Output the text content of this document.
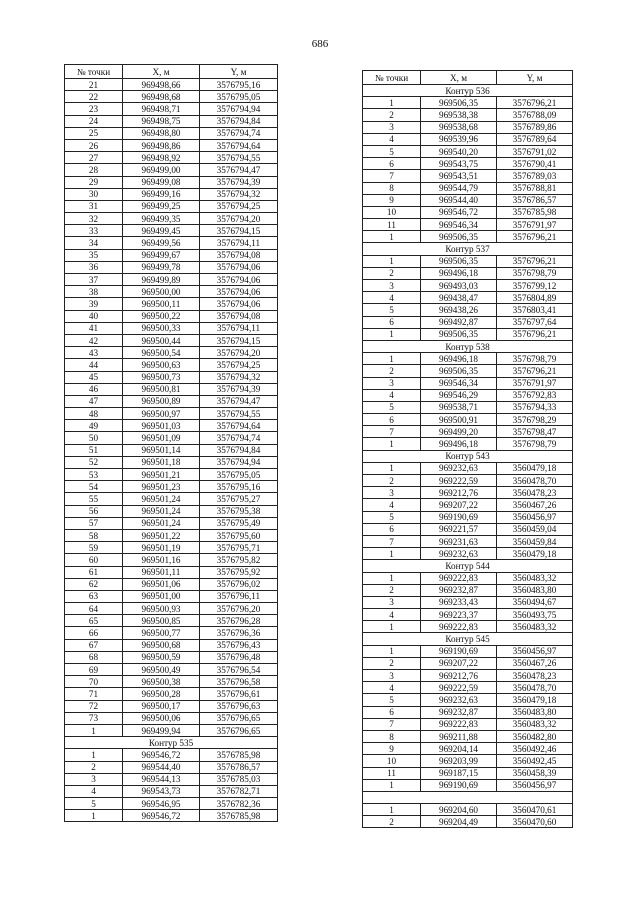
686
№ точки	X, м	Y, м
21	969498,66	3576795,16
22	969498,68	3576795,05
23	969498,71	3576794,94
24	969498,75	3576794,84
25	969498,80	3576794,74
26	969498,86	3576794,64
27	969498,92	3576794,55
28	969499,00	3576794,47
29	969499,08	3576794,39
30	969499,16	3576794,32
31	969499,25	3576794,25
32	969499,35	3576794,20
33	969499,45	3576794,15
34	969499,56	3576794,11
35	969499,67	3576794,08
36	969499,78	3576794,06
37	969499,89	3576794,06
38	969500,00	3576794,06
39	969500,11	3576794,06
40	969500,22	3576794,08
41	969500,33	3576794,11
42	969500,44	3576794,15
43	969500,54	3576794,20
44	969500,63	3576794,25
45	969500,73	3576794,32
46	969500,81	3576794,39
47	969500,89	3576794,47
48	969500,97	3576794,55
49	969501,03	3576794,64
50	969501,09	3576794,74
51	969501,14	3576794,84
52	969501,18	3576794,94
53	969501,21	3576795,05
54	969501,23	3576795,16
55	969501,24	3576795,27
56	969501,24	3576795,38
57	969501,24	3576795,49
58	969501,22	3576795,60
59	969501,19	3576795,71
60	969501,16	3576795,82
61	969501,11	3576795,92
62	969501,06	3576796,02
63	969501,00	3576796,11
64	969500,93	3576796,20
65	969500,85	3576796,28
66	969500,77	3576796,36
67	969500,68	3576796,43
68	969500,59	3576796,48
69	969500,49	3576796,54
70	969500,38	3576796,58
71	969500,28	3576796,61
72	969500,17	3576796,63
73	969500,06	3576796,65
1	969499,94	3576796,65
Контур 535		
1	969546,72	3576785,98
2	969544,40	3576786,57
3	969544,13	3576785,03
4	969543,73	3576782,71
5	969546,95	3576782,36
1	969546,72	3576785,98
№ точки	X, м	Y, м
Контур 536		
1	969506,35	3576796,21
2	969538,38	3576788,09
3	969538,68	3576789,86
4	969539,96	3576789,64
5	969540,20	3576791,02
6	969543,75	3576790,41
7	969543,51	3576789,03
8	969544,79	3576788,81
9	969544,40	3576786,57
10	969546,72	3576785,98
11	969546,34	3576791,97
1	969506,35	3576796,21
Контур 537		
1	969506,35	3576796,21
2	969496,18	3576798,79
3	969493,03	3576799,12
4	969438,47	3576804,89
5	969438,26	3576803,41
6	969492,87	3576797,64
1	969506,35	3576796,21
Контур 538		
1	969496,18	3576798,79
2	969506,35	3576796,21
3	969546,34	3576791,97
4	969546,29	3576792,83
5	969538,71	3576794,33
6	969500,91	3576798,29
7	969499,20	3576798,47
1	969496,18	3576798,79
Контур 543		
1	969232,63	3560479,18
2	969222,59	3560478,70
3	969212,76	3560478,23
4	969207,22	3560467,26
5	969190,69	3560456,97
6	969221,57	3560459,04
7	969231,63	3560459,84
1	969232,63	3560479,18
Контур 544		
1	969222,83	3560483,32
2	969232,87	3560483,80
3	969233,43	3560494,67
4	969223,37	3560493,75
1	969222,83	3560483,32
Контур 545		
1	969190,69	3560456,97
2	969207,22	3560467,26
3	969212,76	3560478,23
4	969222,59	3560478,70
5	969232,63	3560479,18
6	969232,87	3560483,80
7	969222,83	3560483,32
8	969211,88	3560482,80
9	969204,14	3560492,46
10	969203,99	3560492,45
11	969187,15	3560458,39
1	969190,69	3560456,97

1	969204,60	3560470,61
2	969204,49	3560470,60
